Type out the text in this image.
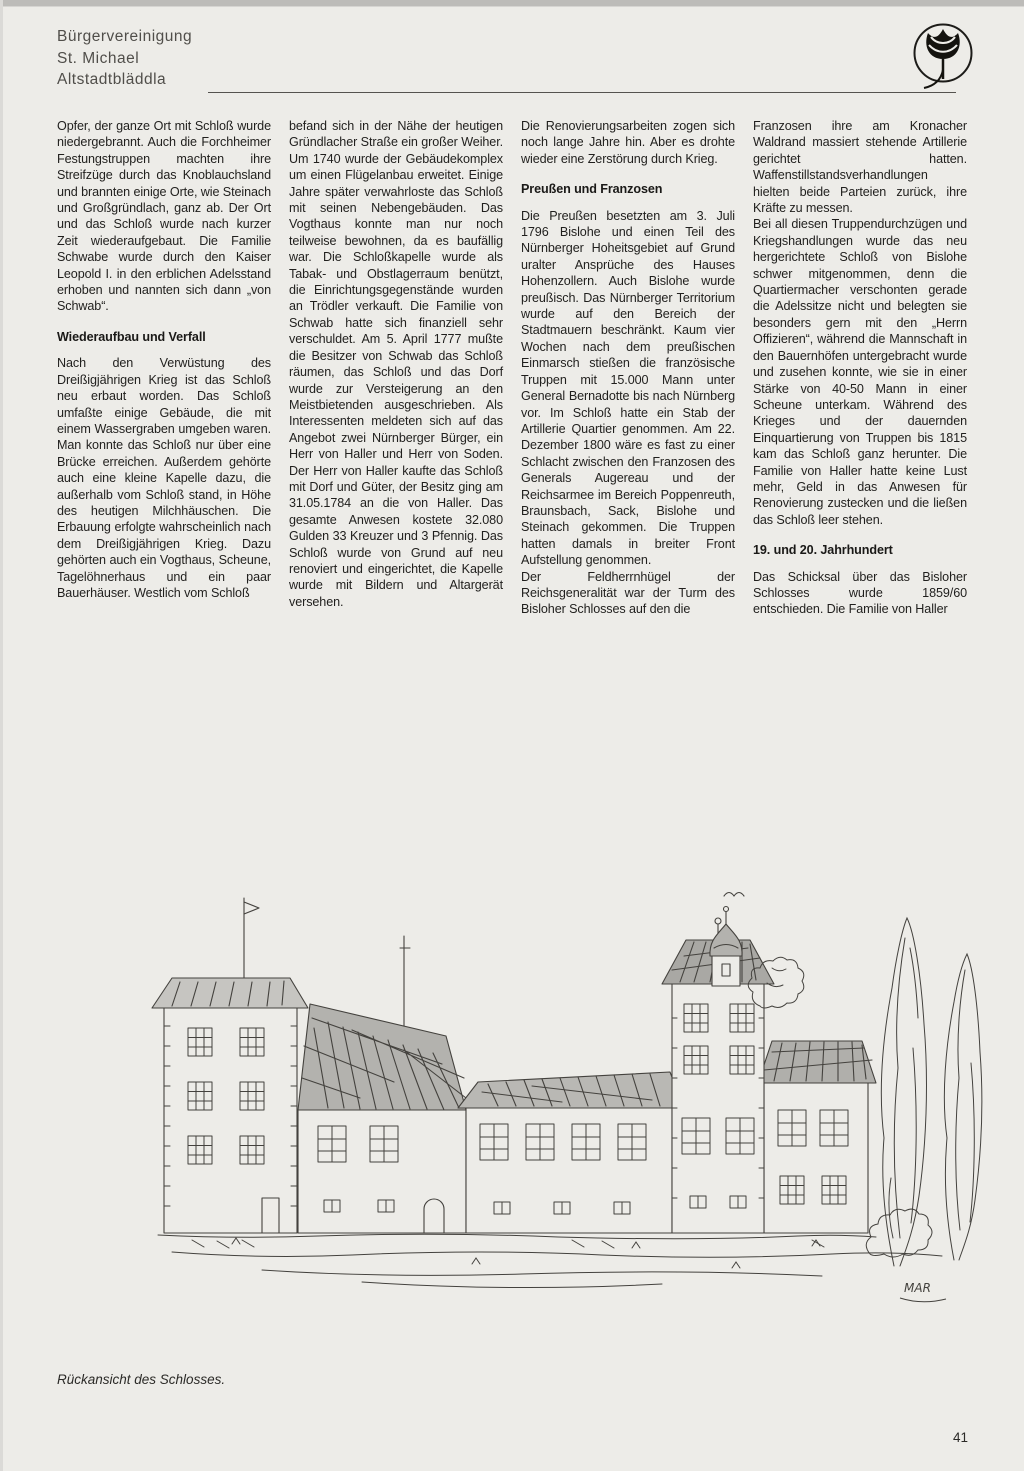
Bürgervereinigung
St. Michael
Altstadtbläddla

Opfer, der ganze Ort mit Schloß wurde niedergebrannt. Auch die Forchheimer Festungstruppen machten ihre Streifzüge durch das Knoblauchsland und brannten einige Orte, wie Steinach und Großgründlach, ganz ab. Der Ort und das Schloß wurde nach kurzer Zeit wiederaufgebaut. Die Familie Schwabe wurde durch den Kaiser Leopold I. in den erblichen Adelsstand erhoben und nannten sich dann „von Schwab“.

Wiederaufbau und Verfall

Nach den Verwüstung des Dreißigjährigen Krieg ist das Schloß neu erbaut worden. Das Schloß umfaßte einige Gebäude, die mit einem Wassergraben umgeben waren. Man konnte das Schloß nur über eine Brücke erreichen. Außerdem gehörte auch eine kleine Kapelle dazu, die außerhalb vom Schloß stand, in Höhe des heutigen Milchhäuschen. Die Erbauung erfolgte wahrscheinlich nach dem Dreißigjährigen Krieg. Dazu gehörten auch ein Vogthaus, Scheune, Tagelöhnerhaus und ein paar Bauerhäuser. Westlich vom Schloß

befand sich in der Nähe der heutigen Gründlacher Straße ein großer Weiher. Um 1740 wurde der Gebäudekomplex um einen Flügelanbau erweitet. Einige Jahre später verwahrloste das Schloß mit seinen Nebengebäuden. Das Vogthaus konnte man nur noch teilweise bewohnen, da es baufällig war. Die Schloßkapelle wurde als Tabak- und Obstlagerraum benützt, die Einrichtungsgegenstände wurden an Trödler verkauft. Die Familie von Schwab hatte sich finanziell sehr verschuldet. Am 5. April 1777 mußte die Besitzer von Schwab das Schloß räumen, das Schloß und das Dorf wurde zur Versteigerung an den Meistbietenden ausgeschrieben. Als Interessenten meldeten sich auf das Angebot zwei Nürnberger Bürger, ein Herr von Haller und Herr von Soden. Der Herr von Haller kaufte das Schloß mit Dorf und Güter, der Besitz ging am 31.05.1784 an die von Haller. Das gesamte Anwesen kostete 32.080 Gulden 33 Kreuzer und 3 Pfennig. Das Schloß wurde von Grund auf neu renoviert und eingerichtet, die Kapelle wurde mit Bildern und Altargerät versehen.

Die Renovierungsarbeiten zogen sich noch lange Jahre hin. Aber es drohte wieder eine Zerstörung durch Krieg.

Preußen und Franzosen

Die Preußen besetzten am 3. Juli 1796 Bislohe und einen Teil des Nürnberger Hoheitsgebiet auf Grund uralter Ansprüche des Hauses Hohenzollern. Auch Bislohe wurde preußisch. Das Nürnberger Territorium wurde auf den Bereich der Stadtmauern beschränkt. Kaum vier Wochen nach dem preußischen Einmarsch stießen die französische Truppen mit 15.000 Mann unter General Bernadotte bis nach Nürnberg vor. Im Schloß hatte ein Stab der Artillerie Quartier genommen. Am 22. Dezember 1800 wäre es fast zu einer Schlacht zwischen den Franzosen des Generals Augereau und der Reichsarmee im Bereich Poppenreuth, Braunsbach, Sack, Bislohe und Steinach gekommen. Die Truppen hatten damals in breiter Front Aufstellung genommen.

Der Feldherrnhügel der Reichsgeneralität war der Turm des Bisloher Schlosses auf den die

Franzosen ihre am Kronacher Waldrand massiert stehende Artillerie gerichtet hatten. Waffenstillstandsverhandlungen hielten beide Parteien zurück, ihre Kräfte zu messen.

Bei all diesen Truppendurchzügen und Kriegshandlungen wurde das neu hergerichtete Schloß von Bislohe schwer mitgenommen, denn die Quartiermacher verschonten gerade die Adelssitze nicht und belegten sie besonders gern mit den „Herrn Offizieren“, während die Mannschaft in den Bauernhöfen untergebracht wurde und zusehen konnte, wie sie in einer Stärke von 40-50 Mann in einer Scheune unterkam. Während des Krieges und der dauernden Einquartierung von Truppen bis 1815 kam das Schloß ganz herunter. Die Familie von Haller hatte keine Lust mehr, Geld in das Anwesen für Renovierung zustecken und die ließen das Schloß leer stehen.

19. und 20. Jahrhundert

Das Schicksal über das Bisloher Schlosses wurde 1859/60 entschieden. Die Familie von Haller

MAR
Rückansicht des Schlosses.
41
